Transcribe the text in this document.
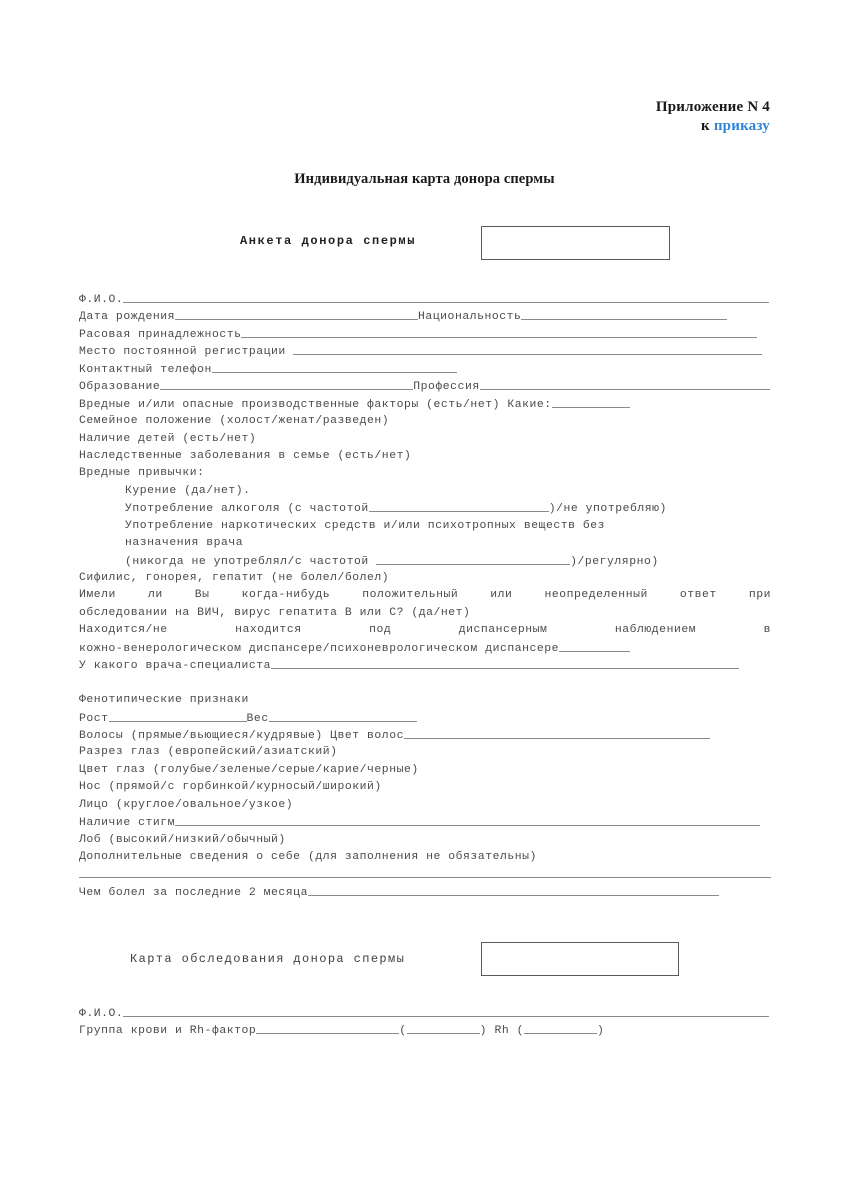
Приложение N 4
к приказу
Индивидуальная карта донора спермы
Анкета донора спермы
Ф.И.О.
Дата рождения	Национальность
Расовая принадлежность
Место постоянной регистрации
Контактный телефон
Образование	Профессия
Вредные и/или опасные производственные факторы (есть/нет) Какие:
Семейное положение (холост/женат/разведен)
Наличие детей (есть/нет)
Наследственные заболевания в семье (есть/нет)
Вредные привычки:
Курение (да/нет).
Употребление алкоголя (с частотой	)/не употребляю)
Употребление наркотических средств и/или психотропных веществ без
назначения врача
(никогда не употреблял/с частотой	)/регулярно)
Сифилис, гонорея, гепатит (не болел/болел)
Имели ли Вы когда-нибудь положительный или неопределенный ответ при
обследовании на ВИЧ, вирус гепатита В или С? (да/нет)
Находится/не находится под диспансерным наблюдением в
кожно-венерологическом диспансере/психоневрологическом диспансере
У какого врача-специалиста

Фенотипические признаки
Рост	Вес
Волосы (прямые/вьющиеся/кудрявые) Цвет волос
Разрез глаз (европейский/азиатский)
Цвет глаз (голубые/зеленые/серые/карие/черные)
Нос (прямой/с горбинкой/курносый/широкий)
Лицо (круглое/овальное/узкое)
Наличие стигм
Лоб (высокий/низкий/обычный)
Дополнительные сведения о себе (для заполнения не обязательны)
Чем болел за последние 2 месяца
Карта обследования донора спермы
Ф.И.О.
Группа крови и Rh-фактор	(	) Rh (	)
